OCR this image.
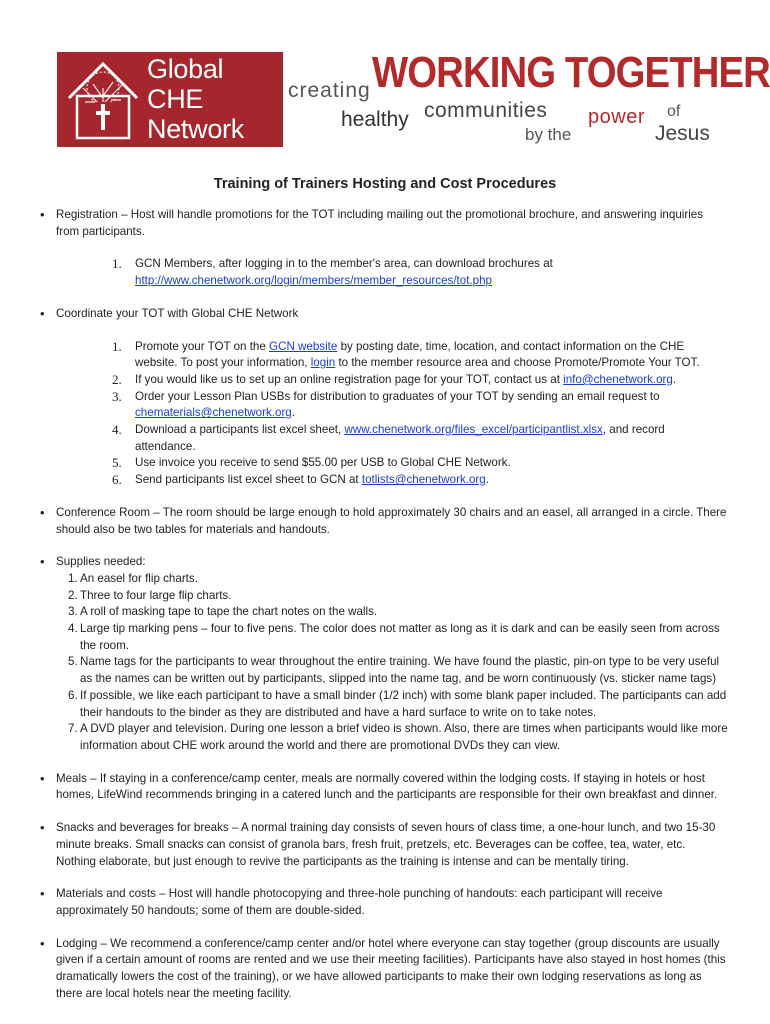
Global
CHE
Network
creating WORKING TOGETHER
healthy communities
by the
power of
Jesus
Training of Trainers Hosting and Cost Procedures
• Registration – Host will handle promotions for the TOT including mailing out the promotional brochure, and answering inquiries from participants.
1. GCN Members, after logging in to the member's area, can download brochures at
http://www.chenetwork.org/login/members/member_resources/tot.php
• Coordinate your TOT with Global CHE Network
1. Promote your TOT on the GCN website by posting date, time, location, and contact information on the CHE website. To post your information, login to the member resource area and choose Promote/Promote Your TOT.
2. If you would like us to set up an online registration page for your TOT, contact us at info@chenetwork.org.
3. Order your Lesson Plan USBs for distribution to graduates of your TOT by sending an email request to chematerials@chenetwork.org.
4. Download a participants list excel sheet, www.chenetwork.org/files_excel/participantlist.xlsx, and record attendance.
5. Use invoice you receive to send $55.00 per USB to Global CHE Network.
6. Send participants list excel sheet to GCN at totlists@chenetwork.org.
• Conference Room – The room should be large enough to hold approximately 30 chairs and an easel, all arranged in a circle. There should also be two tables for materials and handouts.
• Supplies needed:
1. An easel for flip charts.
2. Three to four large flip charts.
3. A roll of masking tape to tape the chart notes on the walls.
4. Large tip marking pens – four to five pens. The color does not matter as long as it is dark and can be easily seen from across the room.
5. Name tags for the participants to wear throughout the entire training. We have found the plastic, pin-on type to be very useful as the names can be written out by participants, slipped into the name tag, and be worn continuously (vs. sticker name tags)
6. If possible, we like each participant to have a small binder (1/2 inch) with some blank paper included. The participants can add their handouts to the binder as they are distributed and have a hard surface to write on to take notes.
7. A DVD player and television. During one lesson a brief video is shown. Also, there are times when participants would like more information about CHE work around the world and there are promotional DVDs they can view.
• Meals – If staying in a conference/camp center, meals are normally covered within the lodging costs. If staying in hotels or host homes, LifeWind recommends bringing in a catered lunch and the participants are responsible for their own breakfast and dinner.
• Snacks and beverages for breaks – A normal training day consists of seven hours of class time, a one-hour lunch, and two 15-30 minute breaks. Small snacks can consist of granola bars, fresh fruit, pretzels, etc. Beverages can be coffee, tea, water, etc. Nothing elaborate, but just enough to revive the participants as the training is intense and can be mentally tiring.
• Materials and costs – Host will handle photocopying and three-hole punching of handouts: each participant will receive approximately 50 handouts; some of them are double-sided.
• Lodging – We recommend a conference/camp center and/or hotel where everyone can stay together (group discounts are usually given if a certain amount of rooms are rented and we use their meeting facilities). Participants have also stayed in host homes (this dramatically lowers the cost of the training), or we have allowed participants to make their own lodging reservations as long as there are local hotels near the meeting facility.
